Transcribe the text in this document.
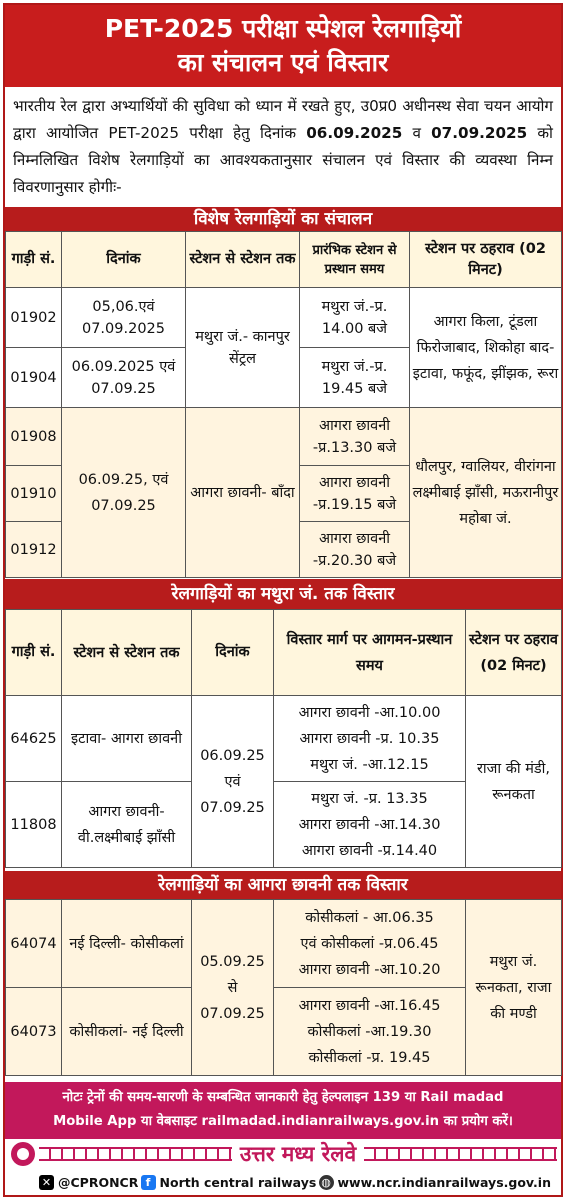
PET-2025 परीक्षा स्पेशल रेलगाड़ियों
का संचालन एवं विस्तार
भारतीय रेल द्वारा अभ्यार्थियों की सुविधा को ध्यान में रखते हुए, उ0प्र0 अधीनस्थ सेवा चयन आयोग द्वारा आयोजित PET-2025 परीक्षा हेतु दिनांक 06.09.2025 व 07.09.2025 को निम्नलिखित विशेष रेलगाड़ियों का आवश्यकतानुसार संचालन एवं विस्तार की व्यवस्था निम्न विवरणानुसार होगीः-
विशेष रेलगाड़ियों का संचालन
गाड़ी सं.	दिनांक	स्टेशन से स्टेशन तक	प्रारंभिक स्टेशन से प्रस्थान समय	स्टेशन पर ठहराव (02 मिनट)
01902	05,06.एवं 07.09.2025	मथुरा जं.- कानपुर सेंट्रल	मथुरा जं.-प्र. 14.00 बजे	आगरा किला, टूंडला फिरोजाबाद, शिकोहा बाद-इटावा, फफूंद, झींझक, रूरा
01904	06.09.2025 एवं 07.09.25		मथुरा जं.-प्र. 19.45 बजे	
01908	06.09.25, एवं 07.09.25	आगरा छावनी- बाँदा	आगरा छावनी -प्र.13.30 बजे	धौलपुर, ग्वालियर, वीरांगना लक्ष्मीबाई झाँसी, मऊरानीपुर महोबा जं.
01910			आगरा छावनी -प्र.19.15 बजे	
01912			आगरा छावनी -प्र.20.30 बजे	
रेलगाड़ियों का मथुरा जं. तक विस्तार
गाड़ी सं.	स्टेशन से स्टेशन तक	दिनांक	विस्तार मार्ग पर आगमन-प्रस्थान समय	स्टेशन पर ठहराव (02 मिनट)
64625	इटावा- आगरा छावनी	06.09.25 एवं 07.09.25	आगरा छावनी -आ.10.00
आगरा छावनी -प्र. 10.35
मथुरा जं. -आ.12.15	राजा की मंडी, रूनकता
11808	आगरा छावनी- वी.लक्ष्मीबाई झाँसी		मथुरा जं. -प्र. 13.35
आगरा छावनी -आ.14.30
आगरा छावनी -प्र.14.40	
रेलगाड़ियों का आगरा छावनी तक विस्तार
64074	नई दिल्ली- कोसीकलां	05.09.25 से 07.09.25	कोसीकलां - आ.06.35
एवं कोसीकलां -प्र.06.45
आगरा छावनी -आ.10.20	मथुरा जं. रूनकता, राजा की मण्डी
64073	कोसीकलां- नई दिल्ली		आगरा छावनी -आ.16.45
कोसीकलां -आ.19.30
कोसीकलां -प्र. 19.45	
नोटः ट्रेनों की समय-सारणी के सम्बन्धित जानकारी हेतु हेल्पलाइन 139 या Rail madad
Mobile App या वेबसाइट railmadad.indianrailways.gov.in का प्रयोग करें।
उत्तर मध्य रेलवे
✕ @CPRONCR f North central railways ◍ www.ncr.indianrailways.gov.in
